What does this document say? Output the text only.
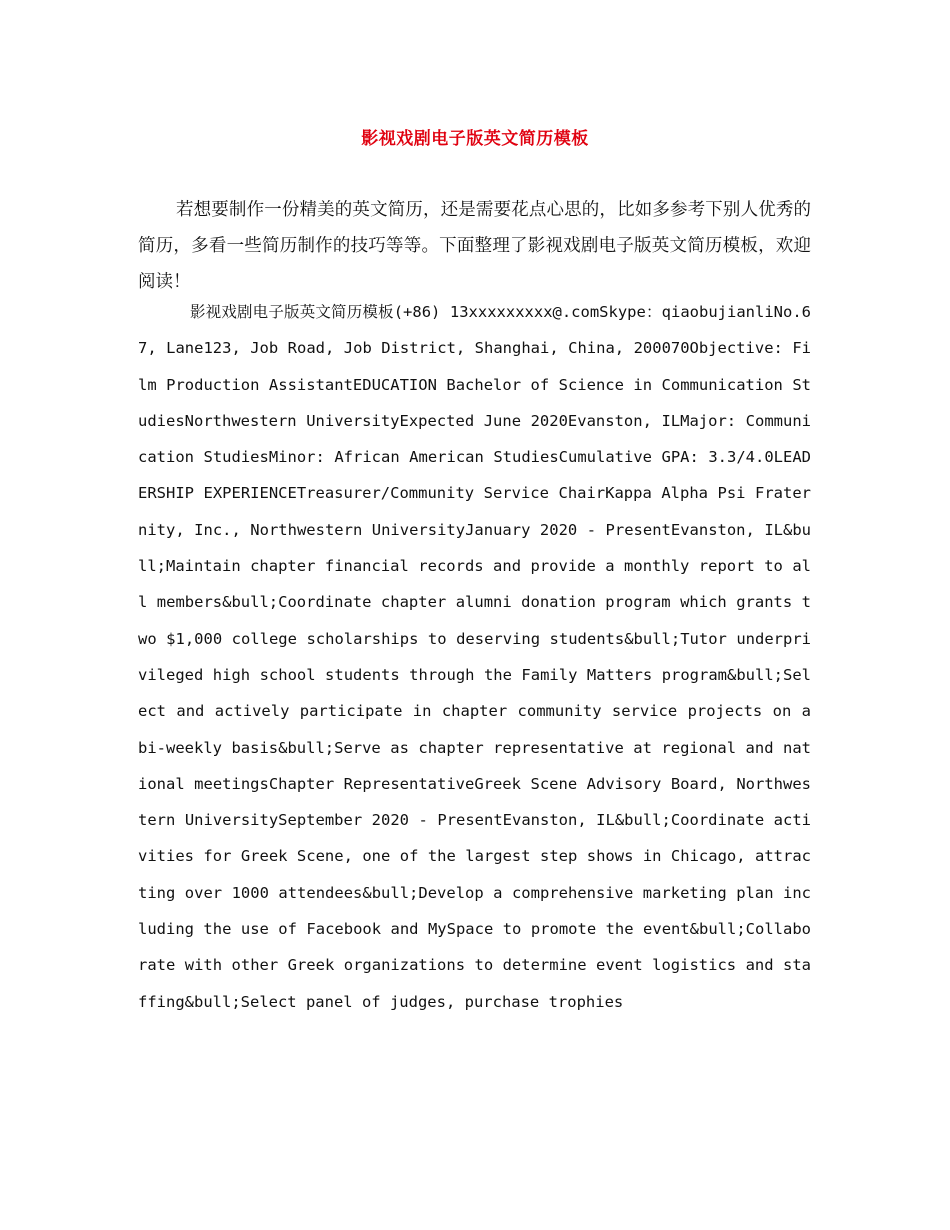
影视戏剧电子版英文简历模板

若想要制作一份精美的英文简历，还是需要花点心思的，比如多参考下别人优秀的简历，多看一些简历制作的技巧等等。下面整理了影视戏剧电子版英文简历模板，欢迎阅读！

影视戏剧电子版英文简历模板(+86) 13xxxxxxxxx@.comSkype：qiaobujianliNo.67, Lane123, Job Road, Job District, Shanghai, China, 200070Objective: Film Production AssistantEDUCATION Bachelor of Science in Communication StudiesNorthwestern UniversityExpected June 2020Evanston, ILMajor: Communication StudiesMinor: African American StudiesCumulative GPA: 3.3/4.0LEADERSHIP EXPERIENCETreasurer/Community Service ChairKappa Alpha Psi Fraternity, Inc., Northwestern UniversityJanuary 2020 - PresentEvanston, IL&bull;Maintain chapter financial records and provide a monthly report to all members&bull;Coordinate chapter alumni donation program which grants two $1,000 college scholarships to deserving students&bull;Tutor underprivileged high school students through the Family Matters program&bull;Select and actively participate in chapter community service projects on a bi-weekly basis&bull;Serve as chapter representative at regional and national meetingsChapter RepresentativeGreek Scene Advisory Board, Northwestern UniversitySeptember 2020 - PresentEvanston, IL&bull;Coordinate activities for Greek Scene, one of the largest step shows in Chicago, attracting over 1000 attendees&bull;Develop a comprehensive marketing plan including the use of Facebook and MySpace to promote the event&bull;Collaborate with other Greek organizations to determine event logistics and staffing&bull;Select panel of judges, purchase trophies
